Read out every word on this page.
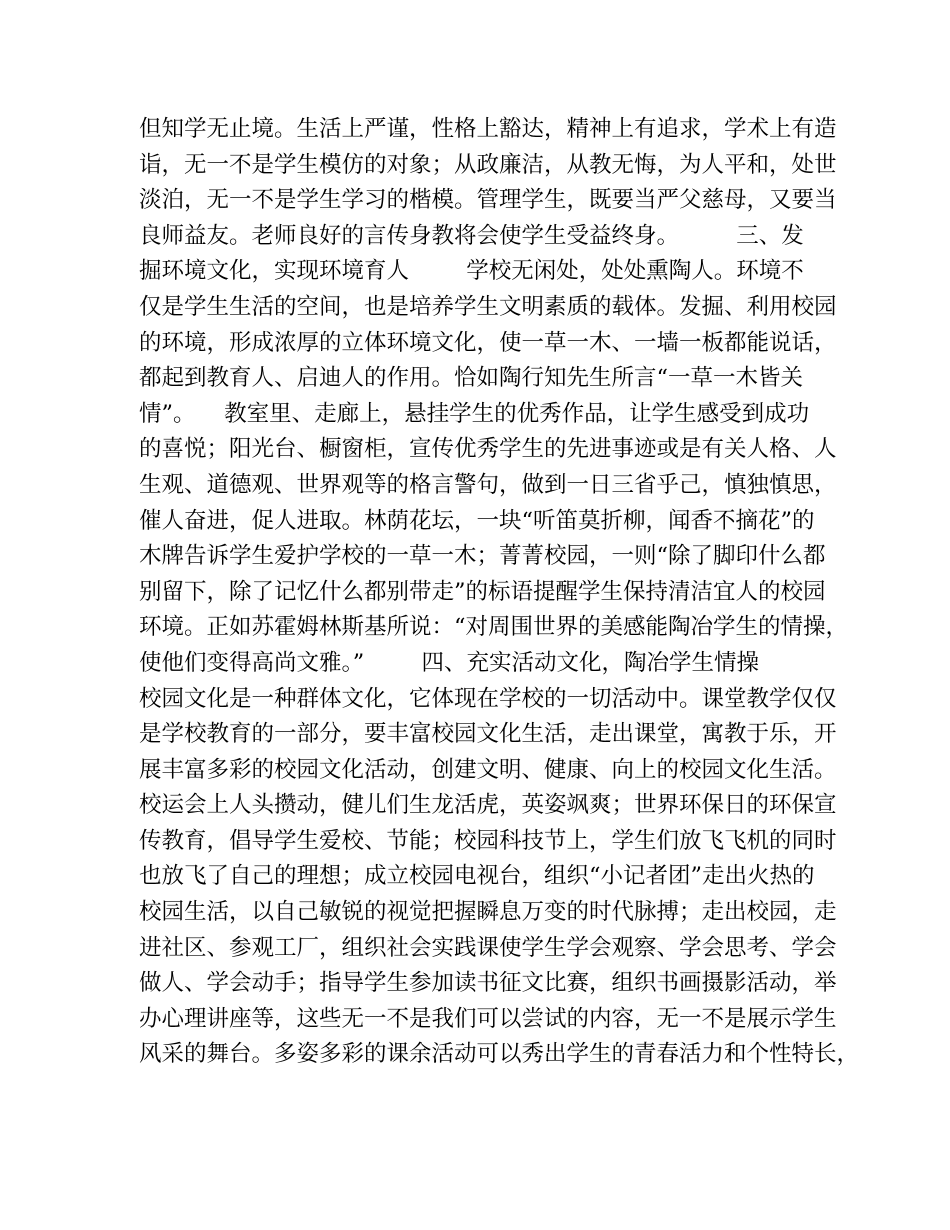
但知学无止境。生活上严谨，性格上豁达，精神上有追求，学术上有造
诣，无一不是学生模仿的对象；从政廉洁，从教无悔，为人平和，处世
淡泊，无一不是学生学习的楷模。管理学生，既要当严父慈母，又要当
良师益友。老师良好的言传身教将会使学生受益终身。        三、发
掘环境文化，实现环境育人        学校无闲处，处处熏陶人。环境不
仅是学生生活的空间，也是培养学生文明素质的载体。发掘、利用校园
的环境，形成浓厚的立体环境文化，使一草一木、一墙一板都能说话，
都起到教育人、启迪人的作用。恰如陶行知先生所言“一草一木皆关
情”。    教室里、走廊上，悬挂学生的优秀作品，让学生感受到成功
的喜悦；阳光台、橱窗柜，宣传优秀学生的先进事迹或是有关人格、人
生观、道德观、世界观等的格言警句，做到一日三省乎己，慎独慎思，
催人奋进，促人进取。林荫花坛，一块“听笛莫折柳，闻香不摘花”的
木牌告诉学生爱护学校的一草一木；菁菁校园，一则“除了脚印什么都
别留下，除了记忆什么都别带走”的标语提醒学生保持清洁宜人的校园
环境。正如苏霍姆林斯基所说：“对周围世界的美感能陶冶学生的情操，
使他们变得高尚文雅。”        四、充实活动文化，陶冶学生情操
校园文化是一种群体文化，它体现在学校的一切活动中。课堂教学仅仅
是学校教育的一部分，要丰富校园文化生活，走出课堂，寓教于乐，开
展丰富多彩的校园文化活动，创建文明、健康、向上的校园文化生活。
校运会上人头攒动，健儿们生龙活虎，英姿飒爽；世界环保日的环保宣
传教育，倡导学生爱校、节能；校园科技节上，学生们放飞飞机的同时
也放飞了自己的理想；成立校园电视台，组织“小记者团”走出火热的
校园生活，以自己敏锐的视觉把握瞬息万变的时代脉搏；走出校园，走
进社区、参观工厂，组织社会实践课使学生学会观察、学会思考、学会
做人、学会动手；指导学生参加读书征文比赛，组织书画摄影活动，举
办心理讲座等，这些无一不是我们可以尝试的内容，无一不是展示学生
风采的舞台。多姿多彩的课余活动可以秀出学生的青春活力和个性特长，
